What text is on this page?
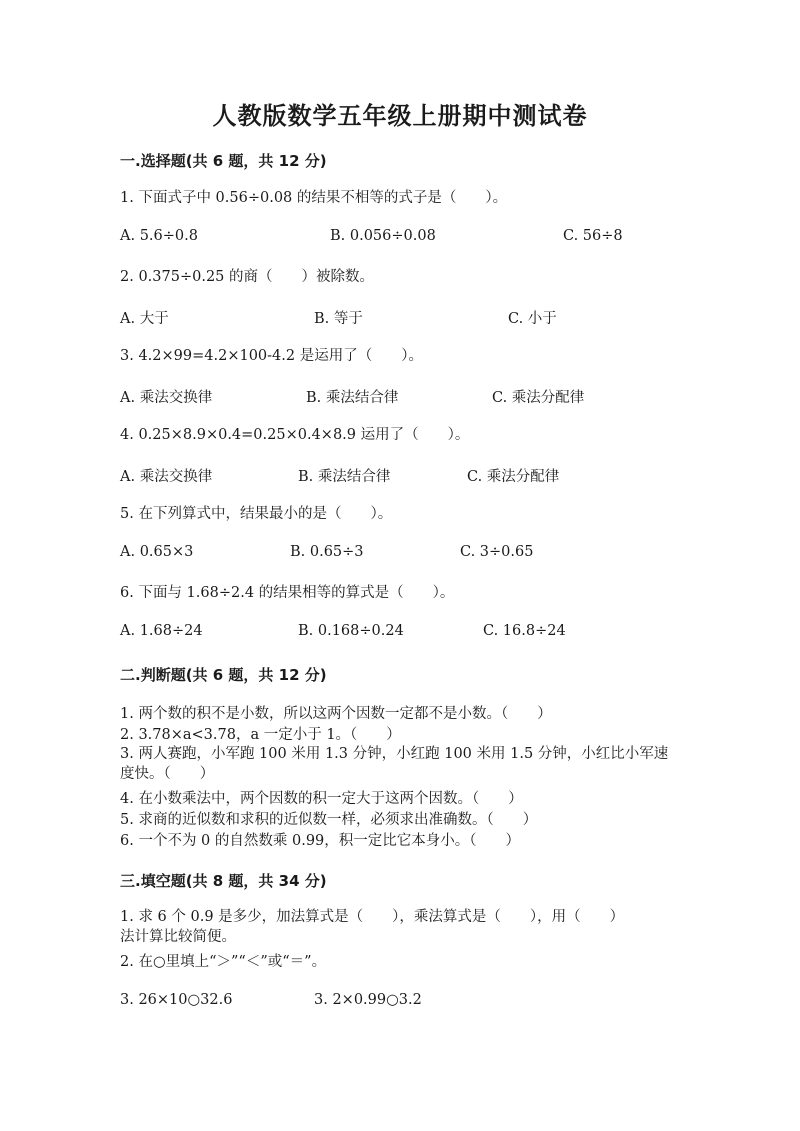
人教版数学五年级上册期中测试卷
一.选择题(共 6 题，共 12 分)
1. 下面式子中 0.56÷0.08 的结果不相等的式子是（　　）。
A. 5.6÷0.8	B. 0.056÷0.08	C. 56÷8
2. 0.375÷0.25 的商（　　）被除数。
A. 大于	B. 等于	C. 小于
3. 4.2×99=4.2×100-4.2 是运用了（　　）。
A. 乘法交换律	B. 乘法结合律	C. 乘法分配律
4. 0.25×8.9×0.4=0.25×0.4×8.9 运用了（　　）。
A. 乘法交换律	B. 乘法结合律	C. 乘法分配律
5. 在下列算式中，结果最小的是（　　）。
A. 0.65×3	B. 0.65÷3	C. 3÷0.65
6. 下面与 1.68÷2.4 的结果相等的算式是（　　）。
A. 1.68÷24	B. 0.168÷0.24	C. 16.8÷24
二.判断题(共 6 题，共 12 分)
1. 两个数的积不是小数，所以这两个因数一定都不是小数。（　　）
2. 3.78×a<3.78，a 一定小于 1。（　　）
3. 两人赛跑，小军跑 100 米用 1.3 分钟，小红跑 100 米用 1.5 分钟，小红比小军速度快。（　　）
4. 在小数乘法中，两个因数的积一定大于这两个因数。（　　）
5. 求商的近似数和求积的近似数一样，必须求出准确数。（　　）
6. 一个不为 0 的自然数乘 0.99，积一定比它本身小。（　　）
三.填空题(共 8 题，共 34 分)
1. 求 6 个 0.9 是多少，加法算式是（　　），乘法算式是（　　），用（　　）法计算比较简便。
2. 在○里填上“＞”“＜”或“＝”。
3. 26×10○32.6	3. 2×0.99○3.2
